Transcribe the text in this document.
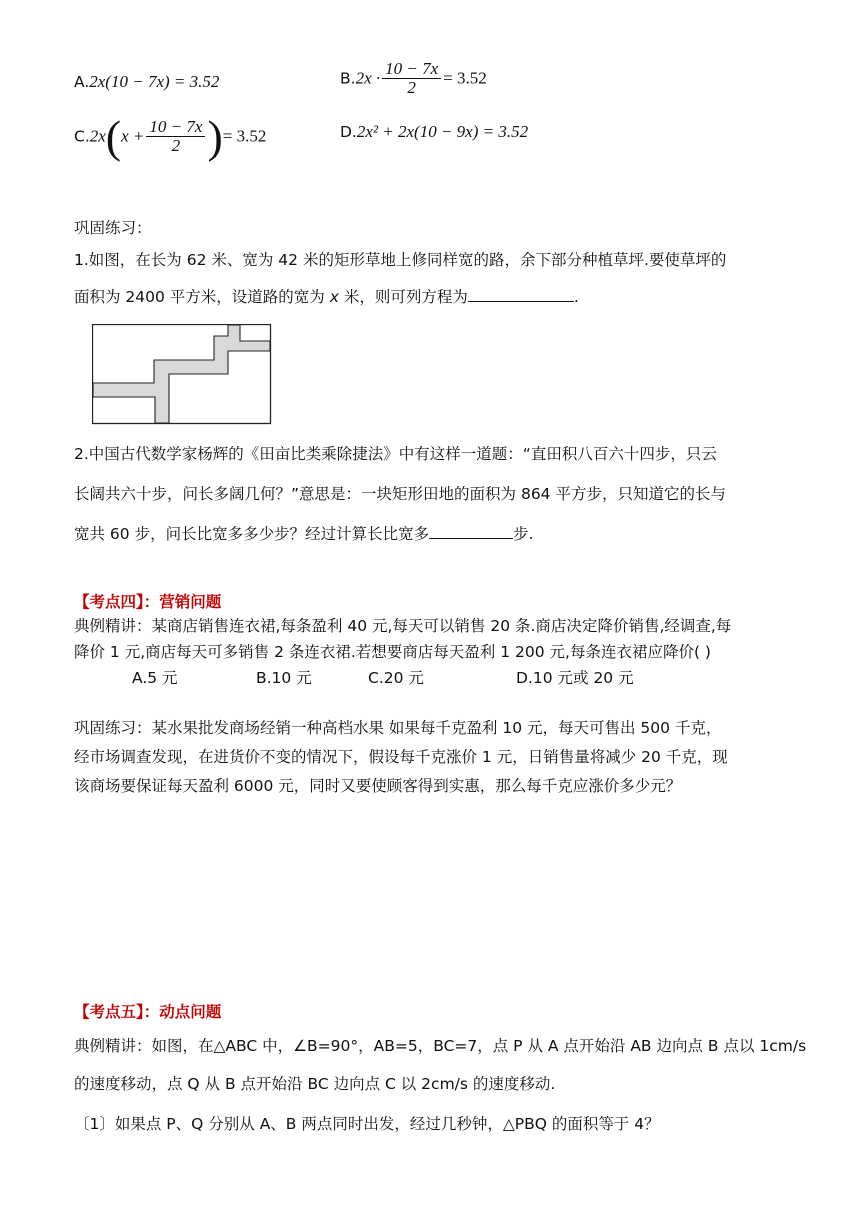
A.2x(10 − 7x) = 3.52	$B.2x \cdot \frac{10 - 7x}{2} = 3.52$
$C.2x(x + \frac{10 - 7x}{2}$ )= 3.52	D.2x² + 2x(10 − 9x) = 3.52
巩固练习：
1.如图，在长为 62 米、宽为 42 米的矩形草地上修同样宽的路，余下部分种植草坪.要使草坪的
面积为 2400 平方米，设道路的宽为 x 米，则可列方程为	.
2.中国古代数学家杨辉的《田亩比类乘除捷法》中有这样一道题：“直田积八百六十四步，只云
长阔共六十步，问长多阔几何？”意思是：一块矩形田地的面积为 864 平方步，只知道它的长与
宽共 60 步，问长比宽多多少步？经过计算长比宽多	步.
【考点四】：营销问题
典例精讲：某商店销售连衣裙,每条盈利 40 元,每天可以销售 20 条.商店决定降价销售,经调查,每
降价 1 元,商店每天可多销售 2 条连衣裙.若想要商店每天盈利 1 200 元,每条连衣裙应降价( )
A.5 元	B.10 元	C.20 元	D.10 元或 20 元
巩固练习：某水果批发商场经销一种高档水果 如果每千克盈利 10 元，每天可售出 500 千克，
经市场调查发现，在进货价不变的情况下，假设每千克涨价 1 元，日销售量将减少 20 千克，现
该商场要保证每天盈利 6000 元，同时又要使顾客得到实惠，那么每千克应涨价多少元？
【考点五】：动点问题
典例精讲：如图，在△ABC 中，∠B=90°，AB=5，BC=7，点 P 从 A 点开始沿 AB 边向点 B 点以 1cm/s
的速度移动，点 Q 从 B 点开始沿 BC 边向点 C 以 2cm/s 的速度移动.
〔1〕如果点 P、Q 分别从 A、B 两点同时出发，经过几秒钟，△PBQ 的面积等于 4？
